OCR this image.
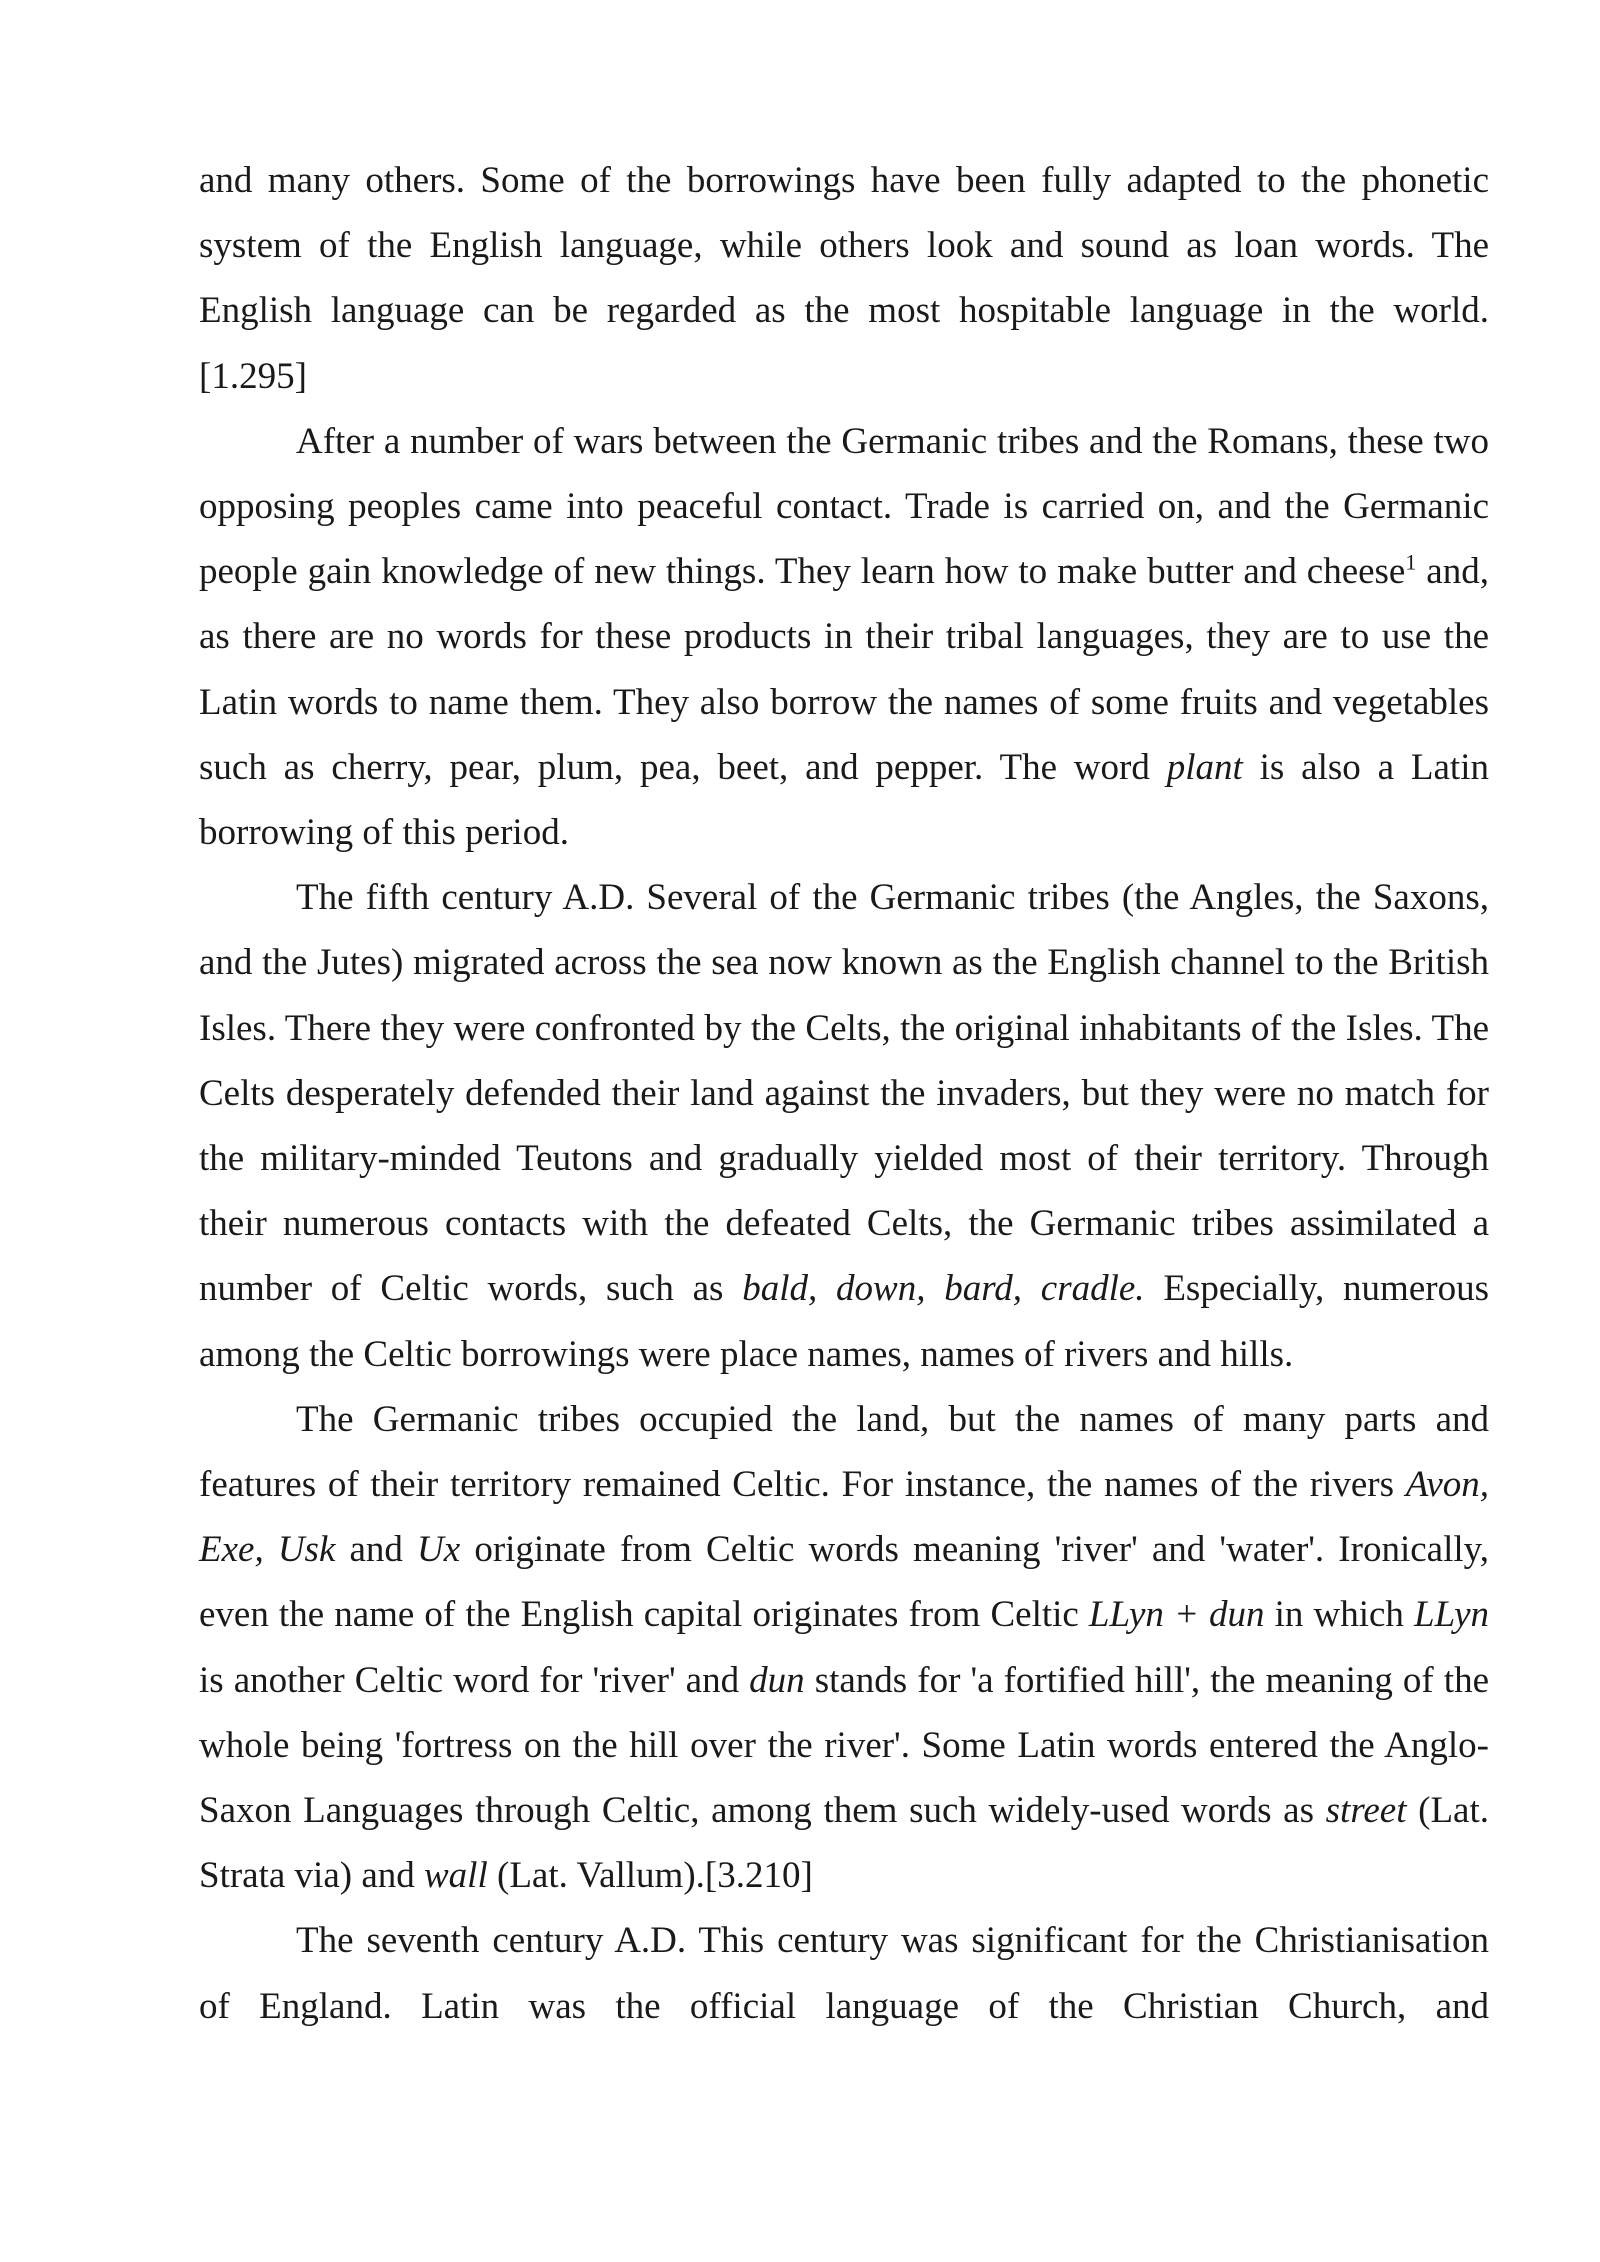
and many others. Some of the borrowings have been fully adapted to the phonetic system of the English language, while others look and sound as loan words. The English language can be regarded as the most hospitable language in the world. [1.295]

After a number of wars between the Germanic tribes and the Romans, these two opposing peoples came into peaceful contact. Trade is carried on, and the Germanic people gain knowledge of new things. They learn how to make butter and cheese$^1$ and, as there are no words for these products in their tribal languages, they are to use the Latin words to name them. They also borrow the names of some fruits and vegetables such as cherry, pear, plum, pea, beet, and pepper. The word plant is also a Latin borrowing of this period.

The fifth century A.D. Several of the Germanic tribes (the Angles, the Saxons, and the Jutes) migrated across the sea now known as the English channel to the British Isles. There they were confronted by the Celts, the original inhabitants of the Isles. The Celts desperately defended their land against the invaders, but they were no match for the military-minded Teutons and gradually yielded most of their territory. Through their numerous contacts with the defeated Celts, the Germanic tribes assimilated a number of Celtic words, such as bald, down, bard, cradle. Especially, numerous among the Celtic borrowings were place names, names of rivers and hills.

The Germanic tribes occupied the land, but the names of many parts and features of their territory remained Celtic. For instance, the names of the rivers Avon, Exe, Usk and Ux originate from Celtic words meaning 'river' and 'water'. Ironically, even the name of the English capital originates from Celtic LLyn + dun in which LLyn is another Celtic word for 'river' and dun stands for 'a fortified hill', the meaning of the whole being 'fortress on the hill over the river'. Some Latin words entered the Anglo-Saxon Languages through Celtic, among them such widely-used words as street (Lat. Strata via) and wall (Lat. Vallum).[3.210]

The seventh century A.D. This century was significant for the Christianisation of England. Latin was the official language of the Christian Church, and
